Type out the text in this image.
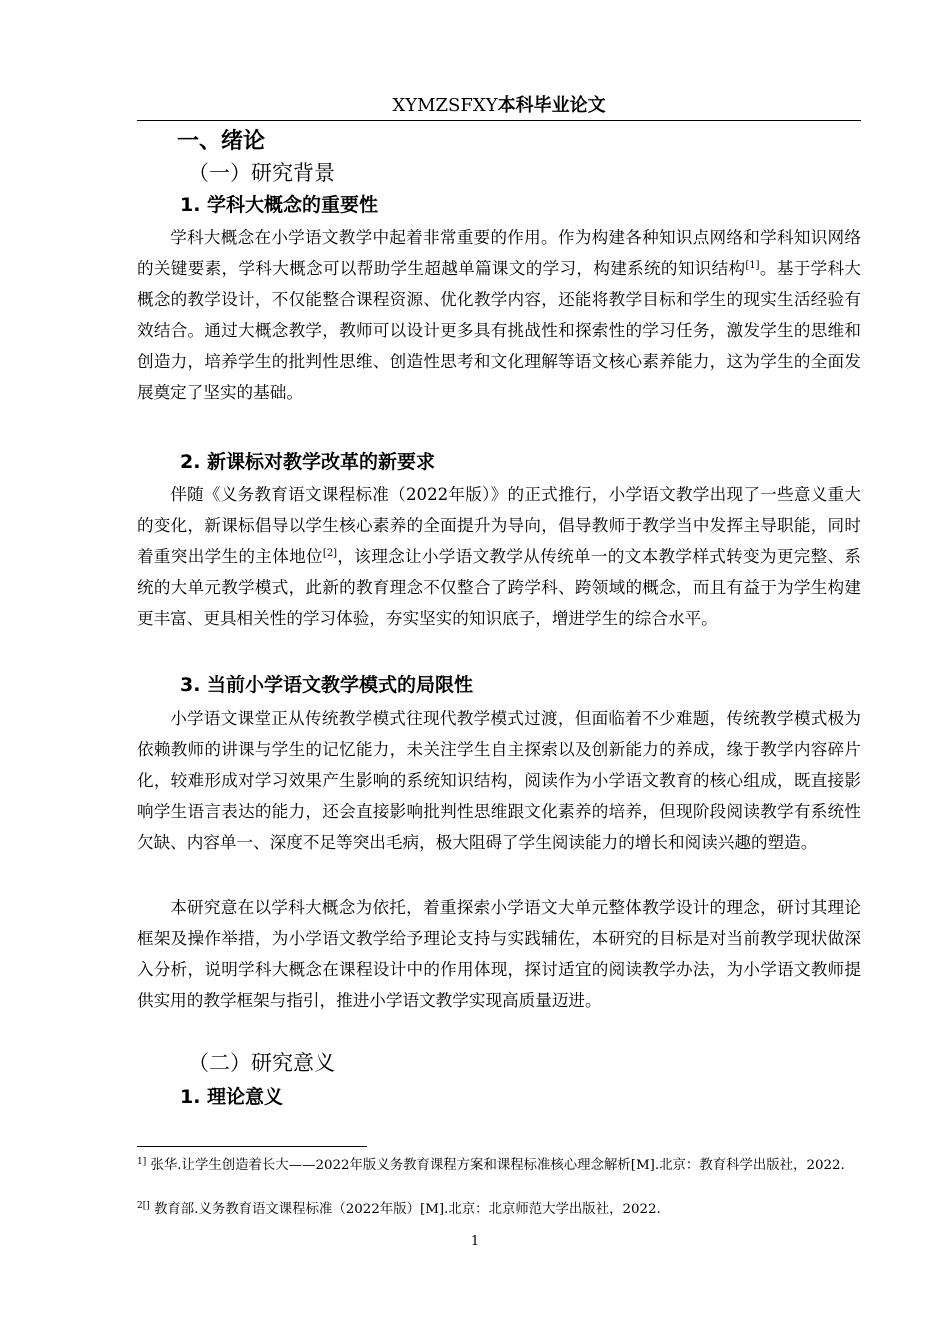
XYMZSFXY本科毕业论文
一、绪论
（一）研究背景
1. 学科大概念的重要性
学科大概念在小学语文教学中起着非常重要的作用。作为构建各种知识点网络和学科知识网络的关键要素，学科大概念可以帮助学生超越单篇课文的学习，构建系统的知识结构[1]。基于学科大概念的教学设计，不仅能整合课程资源、优化教学内容，还能将教学目标和学生的现实生活经验有效结合。通过大概念教学，教师可以设计更多具有挑战性和探索性的学习任务，激发学生的思维和创造力，培养学生的批判性思维、创造性思考和文化理解等语文核心素养能力，这为学生的全面发展奠定了坚实的基础。
2. 新课标对教学改革的新要求
伴随《义务教育语文课程标准（2022年版）》的正式推行，小学语文教学出现了一些意义重大的变化，新课标倡导以学生核心素养的全面提升为导向，倡导教师于教学当中发挥主导职能，同时着重突出学生的主体地位[2]，该理念让小学语文教学从传统单一的文本教学样式转变为更完整、系统的大单元教学模式，此新的教育理念不仅整合了跨学科、跨领域的概念，而且有益于为学生构建更丰富、更具相关性的学习体验，夯实坚实的知识底子，增进学生的综合水平。
3. 当前小学语文教学模式的局限性
小学语文课堂正从传统教学模式往现代教学模式过渡，但面临着不少难题，传统教学模式极为依赖教师的讲课与学生的记忆能力，未关注学生自主探索以及创新能力的养成，缘于教学内容碎片化，较难形成对学习效果产生影响的系统知识结构，阅读作为小学语文教育的核心组成，既直接影响学生语言表达的能力，还会直接影响批判性思维跟文化素养的培养，但现阶段阅读教学有系统性欠缺、内容单一、深度不足等突出毛病，极大阻碍了学生阅读能力的增长和阅读兴趣的塑造。
本研究意在以学科大概念为依托，着重探索小学语文大单元整体教学设计的理念，研讨其理论框架及操作举措，为小学语文教学给予理论支持与实践辅佐，本研究的目标是对当前教学现状做深入分析，说明学科大概念在课程设计中的作用体现，探讨适宜的阅读教学办法，为小学语文教师提供实用的教学框架与指引，推进小学语文教学实现高质量迈进。
（二）研究意义
1. 理论意义
$^{1]}$ 张华.让学生创造着长大——2022年版义务教育课程方案和课程标准核心理念解析[M].北京：教育科学出版社，2022.
$^{2[]}$ 教育部.义务教育语文课程标准（2022年版）[M].北京：北京师范大学出版社，2022.
1
